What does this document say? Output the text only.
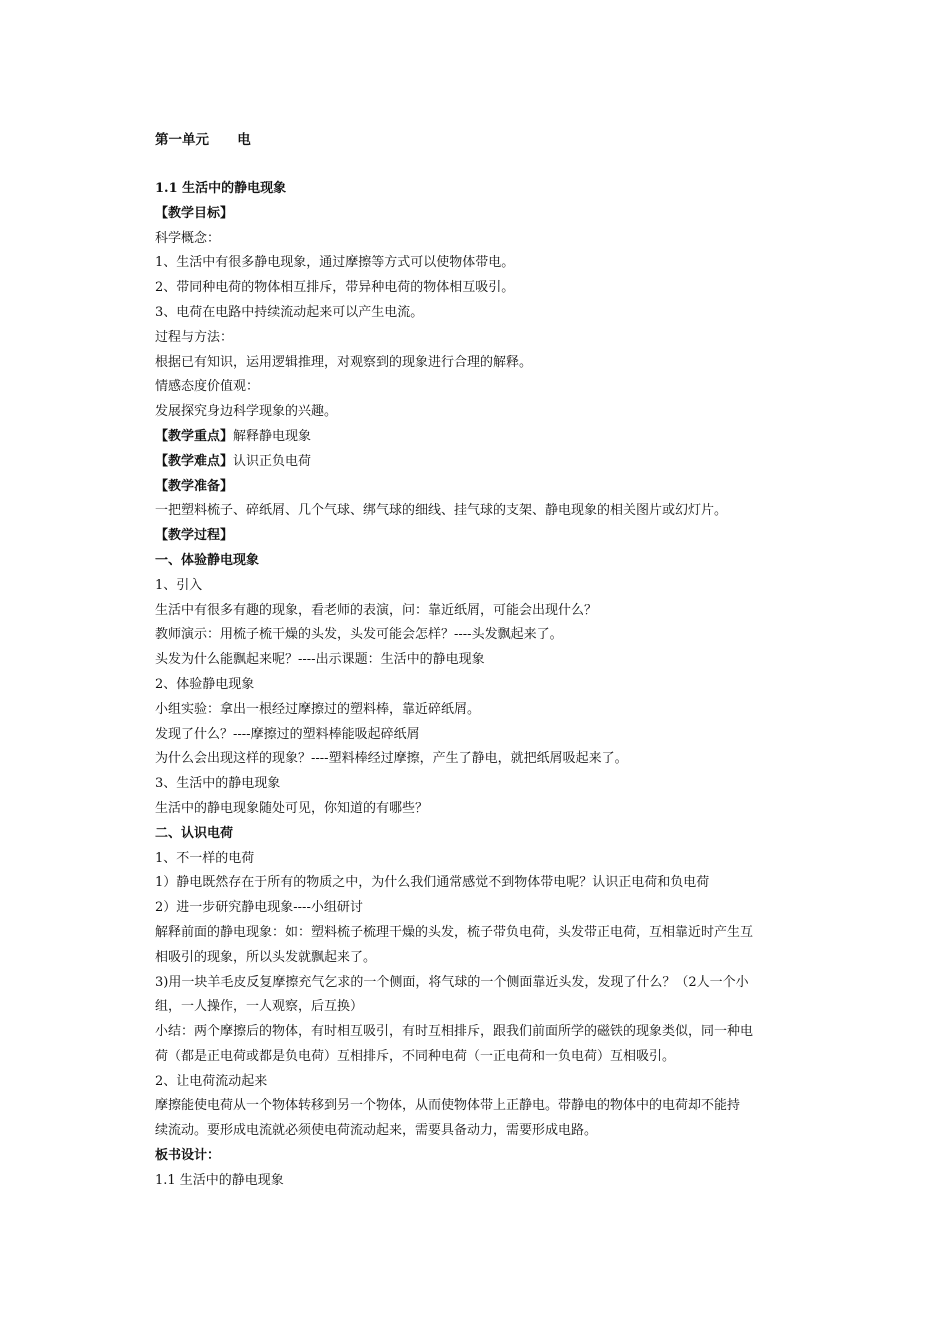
第一单元      电
1.1 生活中的静电现象
【教学目标】
科学概念：
1、生活中有很多静电现象，通过摩擦等方式可以使物体带电。
2、带同种电荷的物体相互排斥，带异种电荷的物体相互吸引。
3、电荷在电路中持续流动起来可以产生电流。
过程与方法：
根据已有知识，运用逻辑推理，对观察到的现象进行合理的解释。
情感态度价值观：
发展探究身边科学现象的兴趣。
【教学重点】解释静电现象
【教学难点】认识正负电荷
【教学准备】
一把塑料梳子、碎纸屑、几个气球、绑气球的细线、挂气球的支架、静电现象的相关图片或幻灯片。
【教学过程】
一、体验静电现象
1、引入
生活中有很多有趣的现象，看老师的表演，问：靠近纸屑，可能会出现什么？
教师演示：用梳子梳干燥的头发，头发可能会怎样？----头发飘起来了。
头发为什么能飘起来呢？----出示课题：生活中的静电现象
2、体验静电现象
小组实验：拿出一根经过摩擦过的塑料棒，靠近碎纸屑。
发现了什么？----摩擦过的塑料棒能吸起碎纸屑
为什么会出现这样的现象？----塑料棒经过摩擦，产生了静电，就把纸屑吸起来了。
3、生活中的静电现象
生活中的静电现象随处可见，你知道的有哪些？
二、认识电荷
1、不一样的电荷
1）静电既然存在于所有的物质之中，为什么我们通常感觉不到物体带电呢？认识正电荷和负电荷
2）进一步研究静电现象----小组研讨
解释前面的静电现象：如：塑料梳子梳理干燥的头发，梳子带负电荷，头发带正电荷，互相靠近时产生互
相吸引的现象，所以头发就飘起来了。
3)用一块羊毛皮反复摩擦充气乞求的一个侧面，将气球的一个侧面靠近头发，发现了什么？（2人一个小
组，一人操作，一人观察，后互换）
小结：两个摩擦后的物体，有时相互吸引，有时互相排斥，跟我们前面所学的磁铁的现象类似，同一种电
荷（都是正电荷或都是负电荷）互相排斥，不同种电荷（一正电荷和一负电荷）互相吸引。
2、让电荷流动起来
摩擦能使电荷从一个物体转移到另一个物体，从而使物体带上正静电。带静电的物体中的电荷却不能持
续流动。要形成电流就必须使电荷流动起来，需要具备动力，需要形成电路。
板书设计：
1.1 生活中的静电现象
